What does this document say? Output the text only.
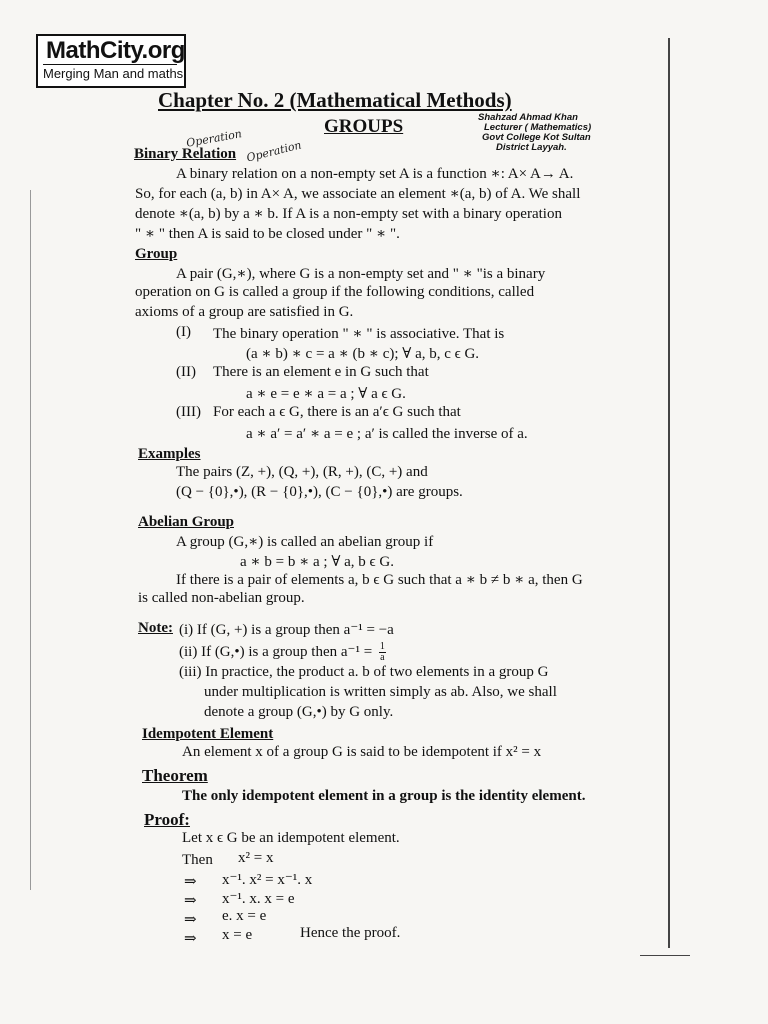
MathCity.org
Merging Man and maths
Chapter No. 2 (Mathematical Methods)
GROUPS	Shahzad Ahmad Khan
Lecturer ( Mathematics)
Govt College Kot Sultan
District Layyah.
Operation Operation
Binary Relation
A binary relation on a non-empty set A is a function ∗: A× A→ A.
So, for each (a, b) in A× A, we associate an element ∗(a, b) of A. We shall
denote ∗(a, b) by a ∗ b. If A is a non-empty set with a binary operation
" ∗ " then A is said to be closed under " ∗ ".
Group
A pair (G,∗), where G is a non-empty set and " ∗ "is a binary
operation on G is called a group if the following conditions, called
axioms of a group are satisfied in G.
(I) The binary operation " ∗ " is associative. That is
(a ∗ b) ∗ c = a ∗ (b ∗ c); ∀ a, b, c ϵ G.
(II) There is an element e in G such that
a ∗ e = e ∗ a = a ; ∀ a ϵ G.
(III) For each a ϵ G, there is an a′ϵ G such that
a ∗ a′ = a′ ∗ a = e ; a′ is called the inverse of a.
Examples
The pairs (Z, +), (Q, +), (R, +), (C, +) and
(Q − {0},•), (R − {0},•), (C − {0},•) are groups.
Abelian Group
A group (G,∗) is called an abelian group if
a ∗ b = b ∗ a ; ∀ a, b ϵ G.
If there is a pair of elements a, b ϵ G such that a ∗ b ≠ b ∗ a, then G
is called non-abelian group.
Note: (i) If (G, +) is a group then a⁻¹ = −a
(ii) If (G,•) is a group then $a^{-1} = \frac{1}{a}$
(iii) In practice, the product a. b of two elements in a group G
under multiplication is written simply as ab. Also, we shall
denote a group (G,•) by G only.
Idempotent Element
An element x of a group G is said to be idempotent if x² = x
Theorem
The only idempotent element in a group is the identity element.
Proof:
Let x ϵ G be an idempotent element.
Then x² = x
⇒ x⁻¹. x² = x⁻¹. x
⇒ x⁻¹. x. x = e
⇒ e. x = e
⇒ x = e	Hence the proof.
